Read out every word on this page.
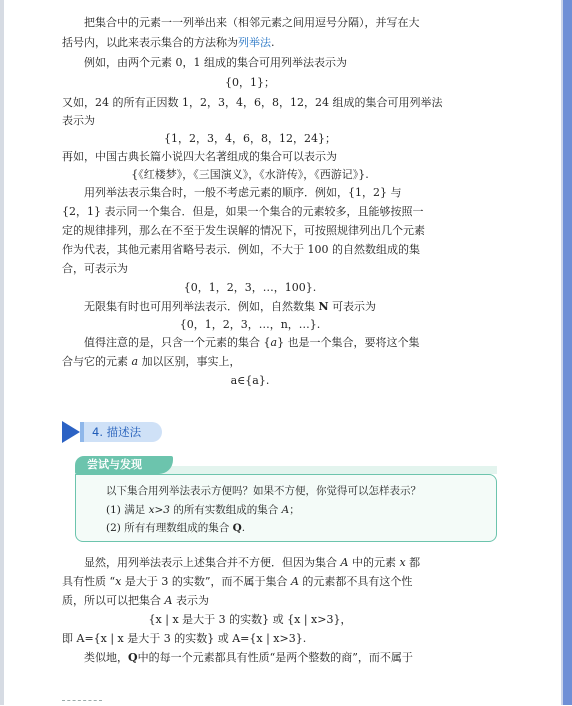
把集合中的元素一一列举出来（相邻元素之间用逗号分隔），并写在大
括号内，以此来表示集合的方法称为列举法.
例如，由两个元素 0，1 组成的集合可用列举法表示为
{0，1}；
又如，24 的所有正因数 1，2，3，4，6，8，12，24 组成的集合可用列举法
表示为
{1，2，3，4，6，8，12，24}；
再如，中国古典长篇小说四大名著组成的集合可以表示为
{《红楼梦》，《三国演义》，《水浒传》，《西游记》}.
用列举法表示集合时，一般不考虑元素的顺序．例如，{1，2} 与
{2，1} 表示同一个集合．但是，如果一个集合的元素较多，且能够按照一
定的规律排列，那么在不至于发生误解的情况下，可按照规律列出几个元素
作为代表，其他元素用省略号表示．例如，不大于 100 的自然数组成的集
合，可表示为
{0，1，2，3，…，100}.
无限集有时也可用列举法表示．例如，自然数集 N 可表示为
{0，1，2，3，…，n，…}.
值得注意的是，只含一个元素的集合 {a} 也是一个集合，要将这个集
合与它的元素 a 加以区别，事实上，
a∈{a}.
4. 描述法
尝试与发现
以下集合用列举法表示方便吗？如果不方便，你觉得可以怎样表示？
(1) 满足 x>3 的所有实数组成的集合 A；
(2) 所有有理数组成的集合 Q.
显然，用列举法表示上述集合并不方便．但因为集合 A 中的元素 x 都
具有性质 “x 是大于 3 的实数”，而不属于集合 A 的元素都不具有这个性
质，所以可以把集合 A 表示为
{x | x 是大于 3 的实数} 或 {x | x>3}，
即 A={x | x 是大于 3 的实数} 或 A={x | x>3}.
类似地，Q中的每一个元素都具有性质“是两个整数的商”，而不属于
